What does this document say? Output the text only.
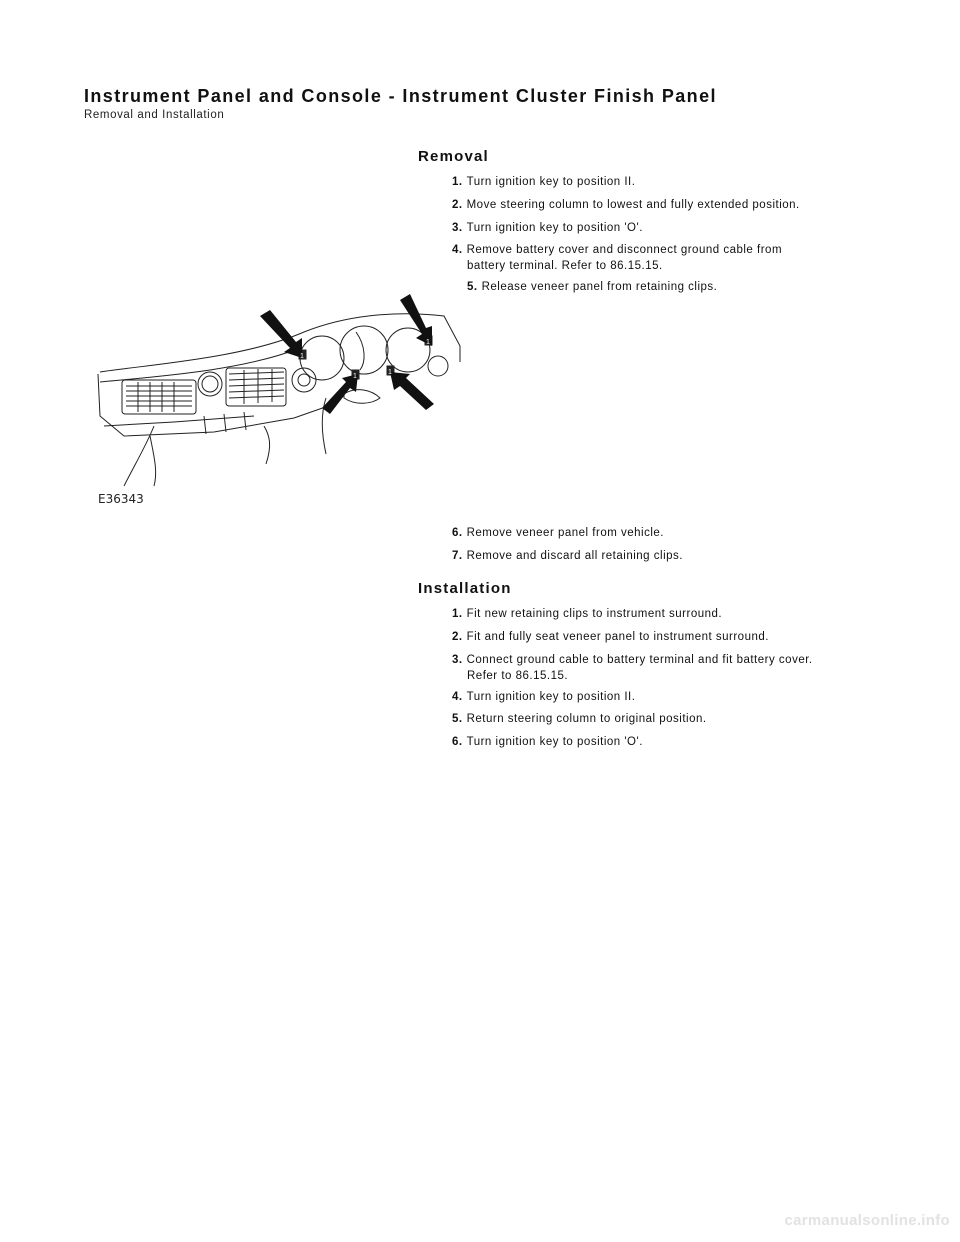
Instrument Panel and Console - Instrument Cluster Finish Panel
Removal and Installation
Removal
1. Turn ignition key to position II.
2. Move steering column to lowest and fully extended position.
3. Turn ignition key to position 'O'.
4. Remove battery cover and disconnect ground cable from
battery terminal. Refer to 86.15.15.
5. Release veneer panel from retaining clips.
1
1
1
1
E36343
6. Remove veneer panel from vehicle.
7. Remove and discard all retaining clips.
Installation
1. Fit new retaining clips to instrument surround.
2. Fit and fully seat veneer panel to instrument surround.
3. Connect ground cable to battery terminal and fit battery cover.
Refer to 86.15.15.
4. Turn ignition key to position II.
5. Return steering column to original position.
6. Turn ignition key to position 'O'.
carmanualsonline.info
